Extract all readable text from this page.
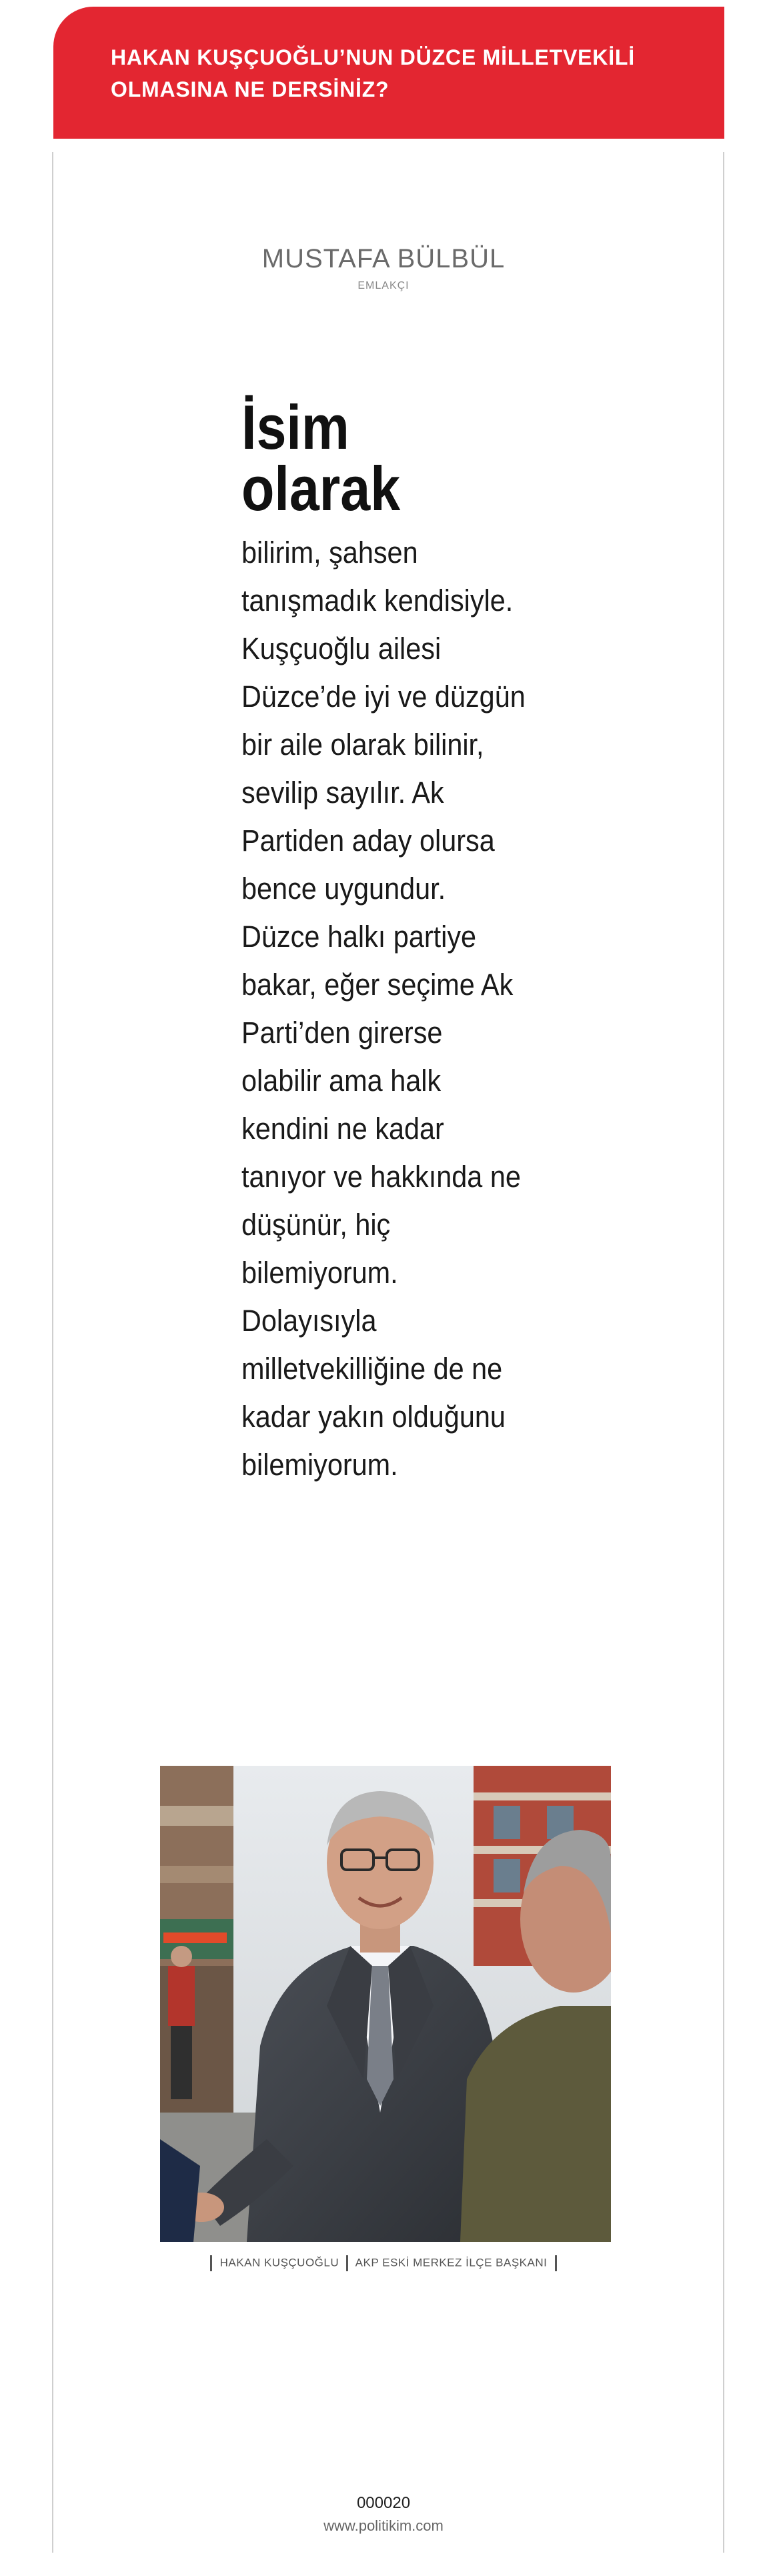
HAKAN KUŞÇUOĞLU’NUN DÜZCE MİLLETVEKİLİ OLMASINA NE DERSİNİZ?
MUSTAFA BÜLBÜL
EMLAKÇI
İsim
olarak

bilirim, şahsen tanışmadık kendisiyle. Kuşçuoğlu ailesi Düzce’de iyi ve düzgün bir aile olarak bilinir, sevilip sayılır. Ak Partiden aday olursa bence uygundur. Düzce halkı partiye bakar, eğer seçime Ak Parti’den girerse olabilir ama halk kendini ne kadar tanıyor ve hakkında ne düşünür, hiç bilemiyorum. Dolayısıyla milletvekilliğine de ne kadar yakın olduğunu bilemiyorum.

HAKAN KUŞÇUOĞLU AKP ESKİ MERKEZ İLÇE BAŞKANI
000020
www.politikim.com
